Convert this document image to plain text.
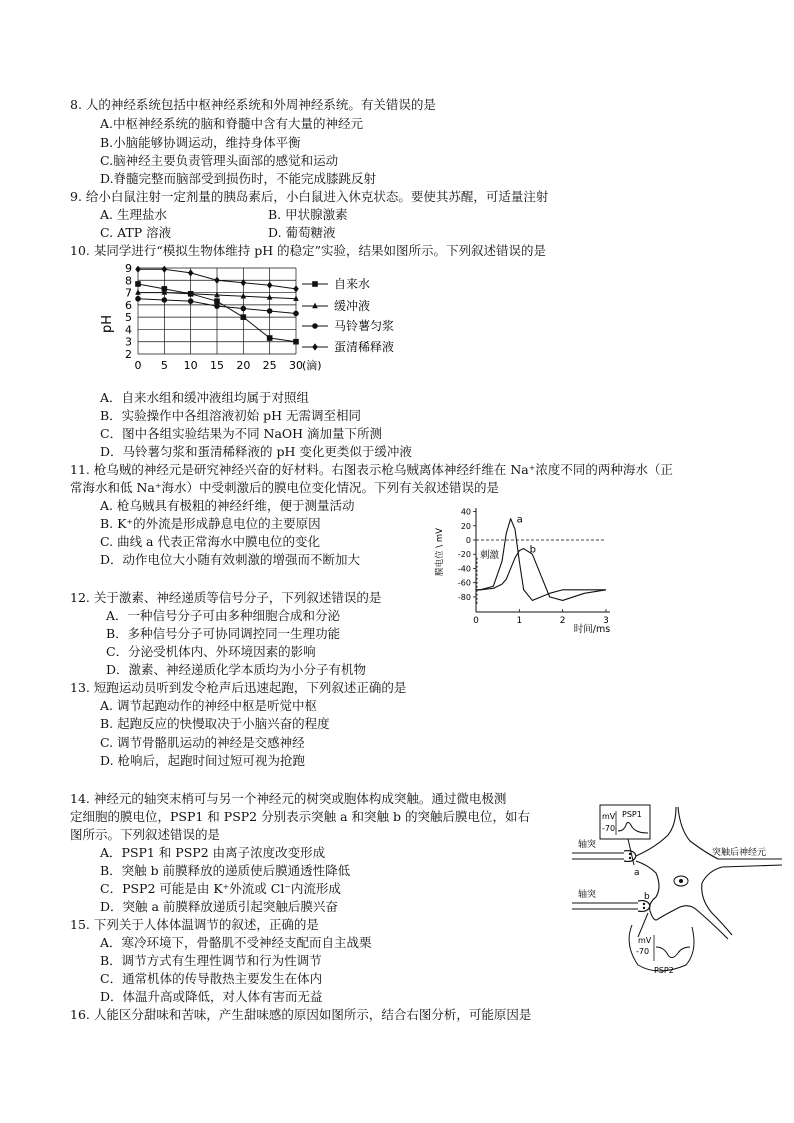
8. 人的神经系统包括中枢神经系统和外周神经系统。有关错误的是
A.中枢神经系统的脑和脊髓中含有大量的神经元
B.小脑能够协调运动，维持身体平衡
C.脑神经主要负责管理头面部的感觉和运动
D.脊髓完整而脑部受到损伤时，不能完成膝跳反射
9. 给小白鼠注射一定剂量的胰岛素后，小白鼠进入休克状态。要使其苏醒，可适量注射
A. 生理盐水	B. 甲状腺激素
C. ATP 溶液	D. 葡萄糖液
10. 某同学进行“模拟生物体维持 pH 的稳定”实验，结果如图所示。下列叙述错误的是
2
3
4
5
6
7
8
9
0 5 10 15 20 25 30 (滴)
pH
自来水
缓冲液
马铃薯匀浆
蛋清稀释液
A．自来水组和缓冲液组均属于对照组
B．实验操作中各组溶液初始 pH 无需调至相同
C．图中各组实验结果为不同 NaOH 滴加量下所测
D．马铃薯匀浆和蛋清稀释液的 pH 变化更类似于缓冲液
11. 枪乌贼的神经元是研究神经兴奋的好材料。右图表示枪乌贼离体神经纤维在 Na⁺浓度不同的两种海水（正
常海水和低 Na⁺海水）中受刺激后的膜电位变化情况。下列有关叙述错误的是
A. 枪乌贼具有极粗的神经纤维，便于测量活动
B. K⁺的外流是形成静息电位的主要原因
C. 曲线 a 代表正常海水中膜电位的变化
D．动作电位大小随有效刺激的增强而不断加大
40
20
0
-20
-40
-60
-80
0	1	2	3
膜电位 \ mV
时间/ms
刺激
a
b
12. 关于激素、神经递质等信号分子，下列叙述错误的是
A．一种信号分子可由多种细胞合成和分泌
B．多种信号分子可协同调控同一生理功能
C．分泌受机体内、外环境因素的影响
D．激素、神经递质化学本质均为小分子有机物
13. 短跑运动员听到发令枪声后迅速起跑，下列叙述正确的是
A. 调节起跑动作的神经中枢是听觉中枢
B. 起跑反应的快慢取决于小脑兴奋的程度
C. 调节骨骼肌运动的神经是交感神经
D. 枪响后，起跑时间过短可视为抢跑
14. 神经元的轴突末梢可与另一个神经元的树突或胞体构成突触。通过微电极测
定细胞的膜电位，PSP1 和 PSP2 分别表示突触 a 和突触 b 的突触后膜电位，如右
图所示。下列叙述错误的是
A．PSP1 和 PSP2 由离子浓度改变形成
B．突触 b 前膜释放的递质使后膜通透性降低
C．PSP2 可能是由 K⁺外流或 Cl⁻内流形成
D．突触 a 前膜释放递质引起突触后膜兴奋
mV
-70
PSP1
轴突
a
轴突	b
突触后神经元
mV
-70
PSP2
15. 下列关于人体体温调节的叙述，正确的是
A．寒冷环境下，骨骼肌不受神经支配而自主战栗
B．调节方式有生理性调节和行为性调节
C．通常机体的传导散热主要发生在体内
D．体温升高或降低，对人体有害而无益
16. 人能区分甜味和苦味，产生甜味感的原因如图所示，结合右图分析，可能原因是
